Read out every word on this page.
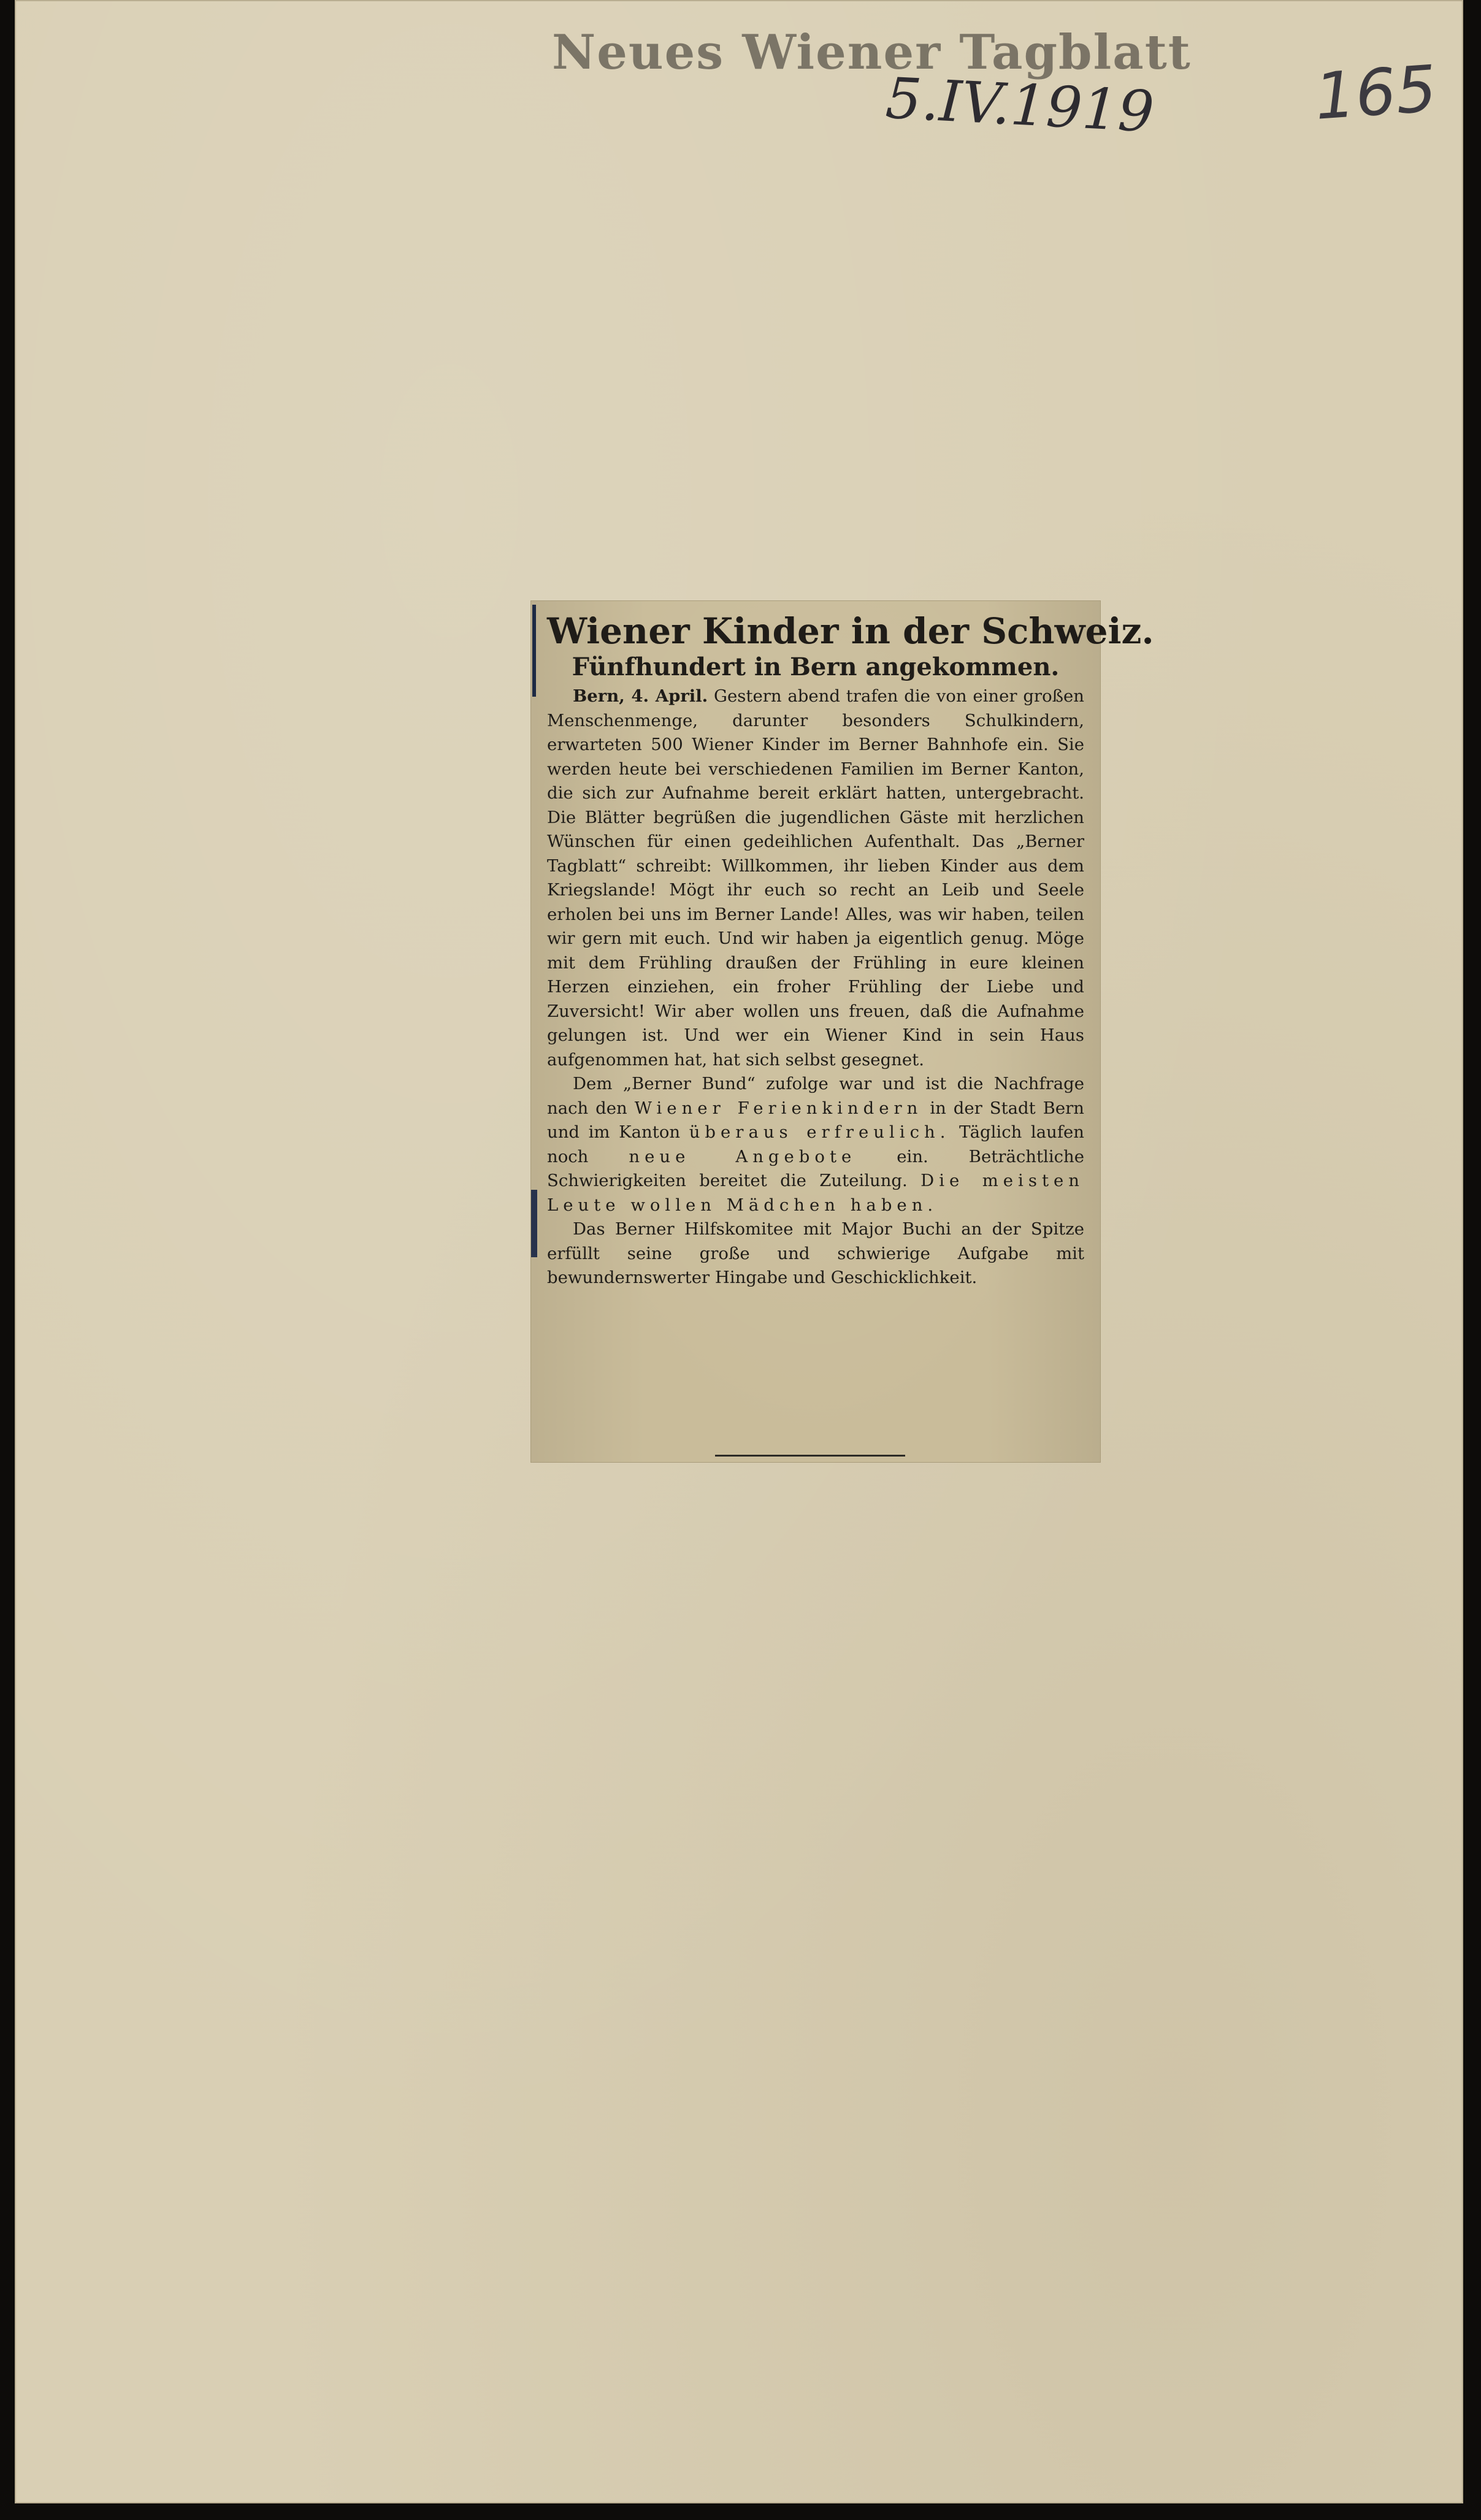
Neues Wiener Tagblatt
5.IV.1919 165
Wiener Kinder in der Schweiz.
Fünfhundert in Bern angekommen.

Bern, 4. April. Gestern abend trafen die von einer großen Menschenmenge, darunter besonders Schulkindern, erwarteten 500 Wiener Kinder im Berner Bahnhofe ein. Sie werden heute bei verschiedenen Familien im Berner Kanton, die sich zur Aufnahme bereit erklärt hatten, untergebracht. Die Blätter begrüßen die jugendlichen Gäste mit herzlichen Wünschen für einen gedeihlichen Aufenthalt. Das „Berner Tagblatt“ schreibt: Willkommen, ihr lieben Kinder aus dem Kriegslande! Mögt ihr euch so recht an Leib und Seele erholen bei uns im Berner Lande! Alles, was wir haben, teilen wir gern mit euch. Und wir haben ja eigentlich genug. Möge mit dem Frühling draußen der Frühling in eure kleinen Herzen einziehen, ein froher Frühling der Liebe und Zuversicht! Wir aber wollen uns freuen, daß die Aufnahme gelungen ist. Und wer ein Wiener Kind in sein Haus aufgenommen hat, hat sich selbst gesegnet.

Dem „Berner Bund“ zufolge war und ist die Nachfrage nach den Wiener Ferienkindern in der Stadt Bern und im Kanton überaus erfreulich. Täglich laufen noch neue Angebote ein. Beträchtliche Schwierigkeiten bereitet die Zuteilung. Die meisten Leute wollen Mädchen haben.

Das Berner Hilfskomitee mit Major Buchi an der Spitze erfüllt seine große und schwierige Aufgabe mit bewundernswerter Hingabe und Geschicklichkeit.
